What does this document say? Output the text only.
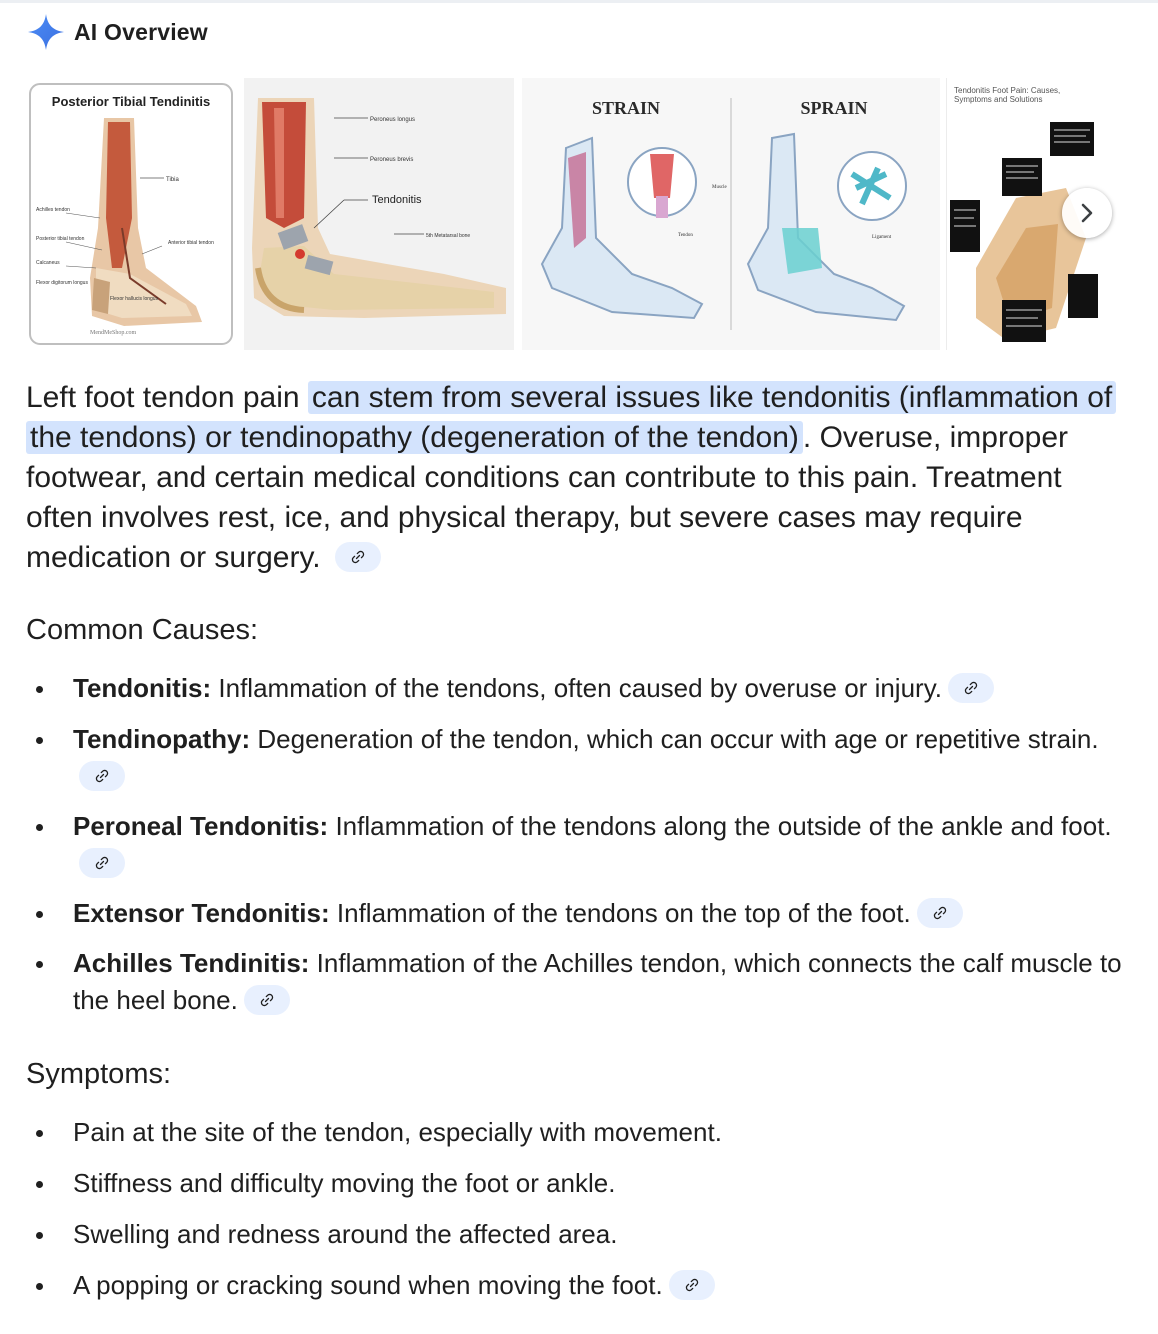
AI Overview
Posterior Tibial Tendinitis
Tibia
Achilles tendon
Posterior tibial tendon
Calcaneus
Flexor digitorum longus
Anterior tibial tendon
Flexor hallucis longus
MendMeShop.com
Peroneus longus
Peroneus brevis
Tendonitis
5th Metatarsal bone
STRAIN	SPRAIN
Muscle
Tendon	Ligament
Tendonitis Foot Pain: Causes, Symptoms and Solutions

Left foot tendon pain can stem from several issues like tendonitis (inflammation of the tendons) or tendinopathy (degeneration of the tendon) . Overuse, improper footwear, and certain medical conditions can contribute to this pain. Treatment often involves rest, ice, and physical therapy, but severe cases may require medication or surgery.

Common Causes:
Tendonitis: Inflammation of the tendons, often caused by overuse or injury.
Tendinopathy: Degeneration of the tendon, which can occur with age or repetitive strain.
Peroneal Tendonitis: Inflammation of the tendons along the outside of the ankle and foot.
Extensor Tendonitis: Inflammation of the tendons on the top of the foot.
Achilles Tendinitis: Inflammation of the Achilles tendon, which connects the calf muscle to the heel bone.
Symptoms:
Pain at the site of the tendon, especially with movement.
Stiffness and difficulty moving the foot or ankle.
Swelling and redness around the affected area.
A popping or cracking sound when moving the foot.
